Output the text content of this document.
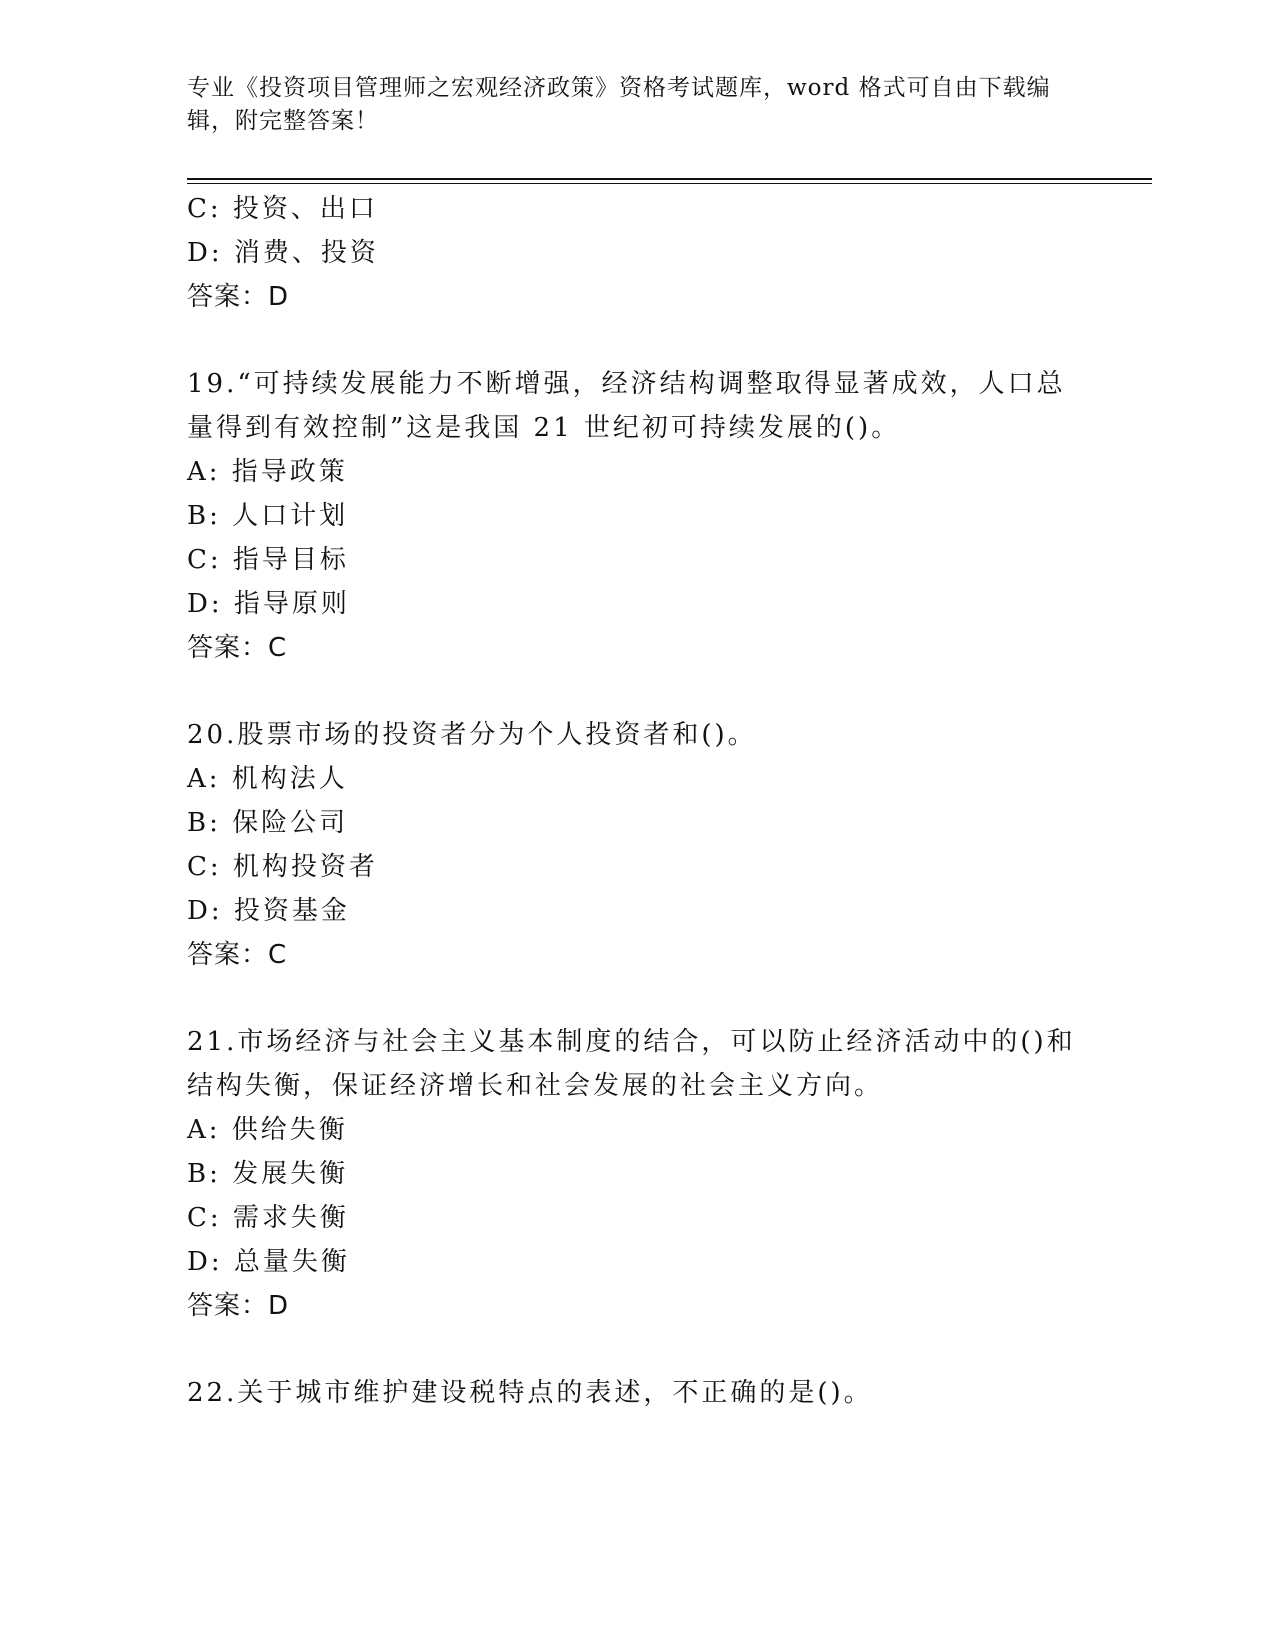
专业《投资项目管理师之宏观经济政策》资格考试题库，word 格式可自由下载编
辑，附完整答案！
C: 投资、出口
D: 消费、投资
答案：D
19.“可持续发展能力不断增强，经济结构调整取得显著成效，人口总
量得到有效控制”这是我国 21 世纪初可持续发展的()。
A: 指导政策
B: 人口计划
C: 指导目标
D: 指导原则
答案：C
20.股票市场的投资者分为个人投资者和()。
A: 机构法人
B: 保险公司
C: 机构投资者
D: 投资基金
答案：C
21.市场经济与社会主义基本制度的结合，可以防止经济活动中的()和
结构失衡，保证经济增长和社会发展的社会主义方向。
A: 供给失衡
B: 发展失衡
C: 需求失衡
D: 总量失衡
答案：D
22.关于城市维护建设税特点的表述，不正确的是()。
